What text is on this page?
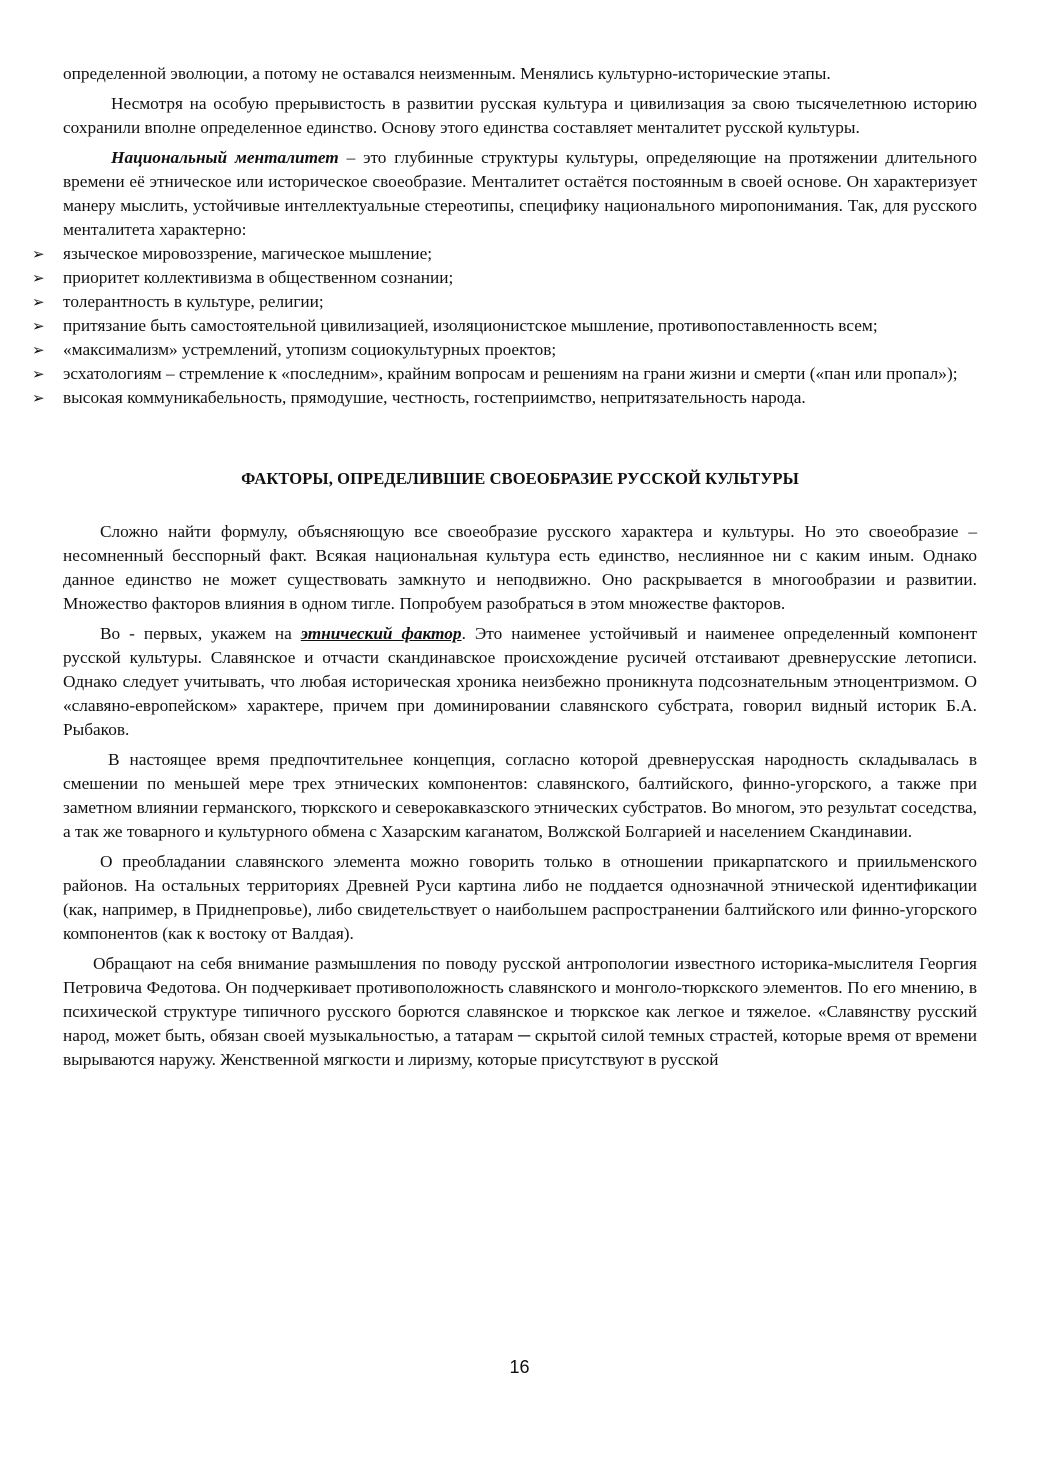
определенной эволюции, а потому не оставался неизменным. Менялись культурно-исторические этапы.

Несмотря на особую прерывистость в развитии русская культура и цивилизация за свою тысячелетнюю историю сохранили вполне определенное единство. Основу этого единства составляет менталитет русской культуры.

Национальный менталитет – это глубинные структуры культуры, определяющие на протяжении длительного времени её этническое или историческое своеобразие. Менталитет остаётся постоянным в своей основе. Он характеризует манеру мыслить, устойчивые интеллектуальные стереотипы, специфику национального миропонимания. Так, для русского менталитета характерно:

➢ языческое мировоззрение, магическое мышление;
➢ приоритет коллективизма в общественном сознании;
➢ толерантность в культуре, религии;
➢ притязание быть самостоятельной цивилизацией, изоляционистское мышление, противопоставленность всем;
➢ «максимализм» устремлений, утопизм социокультурных проектов;
➢ эсхатологиям – стремление к «последним», крайним вопросам и решениям на грани жизни и смерти («пан или пропал»);
➢ высокая коммуникабельность, прямодушие, честность, гостеприимство, непритязательность народа.
ФАКТОРЫ, ОПРЕДЕЛИВШИЕ СВОЕОБРАЗИЕ РУССКОЙ КУЛЬТУРЫ

Сложно найти формулу, объясняющую все своеобразие русского характера и культуры. Но это своеобразие – несомненный бесспорный факт. Всякая национальная культура есть единство, неслиянное ни с каким иным. Однако данное единство не может существовать замкнуто и неподвижно. Оно раскрывается в многообразии и развитии. Множество факторов влияния в одном тигле. Попробуем разобраться в этом множестве факторов.

Во - первых, укажем на этнический фактор. Это наименее устойчивый и наименее определенный компонент русской культуры. Славянское и отчасти скандинавское происхождение русичей отстаивают древнерусские летописи. Однако следует учитывать, что любая историческая хроника неизбежно проникнута подсознательным этноцентризмом. О «славяно-европейском» характере, причем при доминировании славянского субстрата, говорил видный историк Б.А. Рыбаков.

В настоящее время предпочтительнее концепция, согласно которой древнерусская народность складывалась в смешении по меньшей мере трех этнических компонентов: славянского, балтийского, финно-угорского, а также при заметном влиянии германского, тюркского и северокавказского этнических субстратов. Во многом, это результат соседства, а так же товарного и культурного обмена с Хазарским каганатом, Волжской Болгарией и населением Скандинавии.

О преобладании славянского элемента можно говорить только в отношении прикарпатского и приильменского районов. На остальных территориях Древней Руси картина либо не поддается однозначной этнической идентификации (как, например, в Приднепровье), либо свидетельствует о наибольшем распространении балтийского или финно-угорского компонентов (как к востоку от Валдая).

Обращают на себя внимание размышления по поводу русской антропологии известного историка-мыслителя Георгия Петровича Федотова. Он подчеркивает противоположность славянского и монголо-тюркского элементов. По его мнению, в психической структуре типичного русского борются славянское и тюркское как легкое и тяжелое. «Славянству русский народ, может быть, обязан своей музыкальностью, а татарам ─ скрытой силой темных страстей, которые время от времени вырываются наружу. Женственной мягкости и лиризму, которые присутствуют в русской

16
